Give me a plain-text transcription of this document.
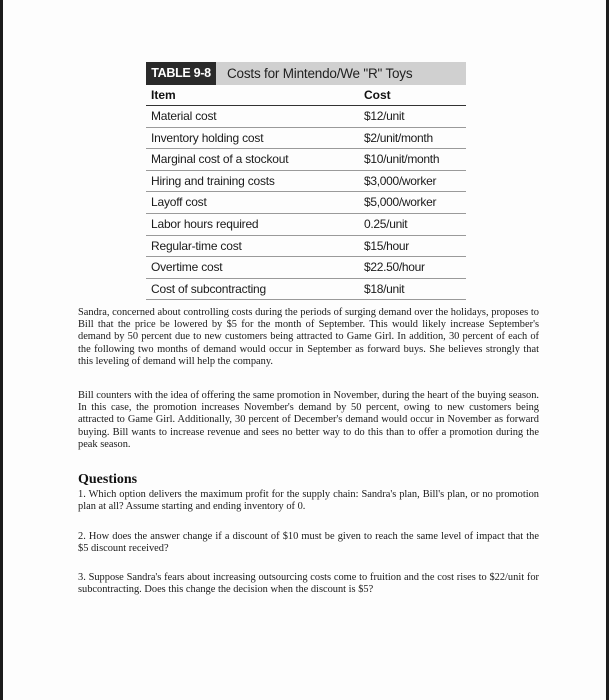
TABLE 9-8	Costs for Mintendo/We "R" Toys
Item	Cost
Material cost	$12/unit
Inventory holding cost	$2/unit/month
Marginal cost of a stockout	$10/unit/month
Hiring and training costs	$3,000/worker
Layoff cost	$5,000/worker
Labor hours required	0.25/unit
Regular-time cost	$15/hour
Overtime cost	$22.50/hour
Cost of subcontracting	$18/unit

Sandra, concerned about controlling costs during the periods of surging demand over the holidays, proposes to Bill that the price be lowered by $5 for the month of September. This would likely increase September's demand by 50 percent due to new customers being attracted to Game Girl. In addition, 30 percent of each of the following two months of demand would occur in September as forward buys. She believes strongly that this leveling of demand will help the company.

Bill counters with the idea of offering the same promotion in November, during the heart of the buying season. In this case, the promotion increases November's demand by 50 percent, owing to new customers being attracted to Game Girl. Additionally, 30 percent of December's demand would occur in November as forward buying. Bill wants to increase revenue and sees no better way to do this than to offer a promotion during the peak season.

Questions

1. Which option delivers the maximum profit for the supply chain: Sandra's plan, Bill's plan, or no promotion plan at all? Assume starting and ending inventory of 0.

2. How does the answer change if a discount of $10 must be given to reach the same level of impact that the $5 discount received?

3. Suppose Sandra's fears about increasing outsourcing costs come to fruition and the cost rises to $22/unit for subcontracting. Does this change the decision when the discount is $5?
